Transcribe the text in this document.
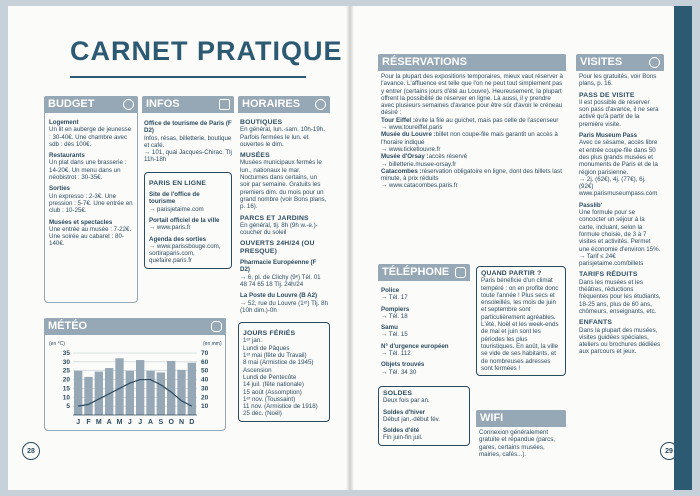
CARNET PRATIQUE
BUDGET
Logement
Un lit en auberge de jeunesse : 30-40€. Une chambre avec sdb : dès 100€.
Restaurants
Un plat dans une brasserie : 14-20€. Un menu dans un néobistrot : 30-35€.
Sorties
Un expresso : 2-3€. Une pression : 5-7€. Une entrée en club : 10-25€.
Musées et spectacles
Une entrée au musée : 7-22€. Une soirée au cabaret : 80-140€.
MÉTÉO
(en °C)	(en mm)
5
10
15
20
25
30
35
10
20
30
40
50
60
70
J F M A M J J A S O N D
INFOS
Office de tourisme de Paris (F D2)
Infos, résas, billetterie, boutique et café.
→ 101, quai Jacques-Chirac. Tlj 11h-18h
PARIS EN LIGNE
Site de l'office de tourisme
→ parisjetaime.com
Portail officiel de la ville
→ www.paris.fr
Agenda des sorties
→ www.parissbouge.com, sortiraparis.com, quefaire.paris.fr
HORAIRES
BOUTIQUES
En général, lun.-sam. 10h-19h. Parfois fermées le lun. et ouvertes le dim.
MUSÉES
Musées municipaux fermés le lun., nationaux le mar. Nocturnes dans certains, un soir par semaine. Gratuits les premiers dim. du mois pour un grand nombre (voir Bons plans, p. 16).
PARCS ET JARDINS
En général, tlj. 8h (9h w.-e.)-coucher du soleil
OUVERTS 24H/24 (OU PRESQUE)
Pharmacie Européenne (F D2)
→ 6, pl. de Clichy (9ᵉ) Tél. 01 48 74 65 18 Tlj. 24h/24
La Poste du Louvre (B A2)
→ 52, rue du Louvre (1ᵉʳ) Tlj. 8h (10h dim.)-0h
JOURS FÉRIÉS
1ᵉʳ jan.
Lundi de Pâques
1ᵉʳ mai (fête du Travail)
8 mai (Armistice de 1945)
Ascension
Lundi de Pentecôte
14 juil. (fête nationale)
15 août (Assomption)
1ᵉʳ nov. (Toussaint)
11 nov. (Armistice de 1918)
25 déc. (Noël)
28
RÉSERVATIONS
Pour la plupart des expositions temporaires, mieux vaut réserver à l'avance. L'affluence est telle que l'on ne peut tout simplement pas y entrer (certains jours d'été au Louvre). Heureusement, la plupart offrent la possibilité de réserver en ligne. Là aussi, il y prendre avec plusieurs semaines d'avance pour être sûr d'avoir le créneau désiré :
Tour Eiffel :évite la file au guichet, mais pas celle de l'ascenseur
→ www.toureiffel.paris
Musée du Louvre :billet non coupe-file mais garantit un accès à l'horaire indiqué
→ www.ticketlouvre.fr
Musée d'Orsay :accès réservé
→ billetterie.musee-orsay.fr
Catacombes :réservation obligatoire en ligne, dont des billets last minute, à prix réduits
→ www.catacombes.paris.fr
TÉLÉPHONE
Police
→ Tél. 17
Pompiers
→ Tél. 18
Samu
→ Tél. 15
N° d'urgence européen
→ Tél. 112
Objets trouvés
→ Tél. 34 30
QUAND PARTIR ?
Paris bénéficie d'un climat tempéré : on en profite donc toute l'année ! Plus secs et ensoleillés, les mois de juin et septembre sont particulièrement agréables. L'été, Noël et les week-ends de mai et juin sont les périodes les plus touristiques. En août, la ville se vide de ses habitants, et de nombreuses adresses sont fermées !
SOLDES
Deux fois par an.
Soldes d'hiver
Début jan.-début fév.
Soldes d'été
Fin juin-fin juil.
WIFI
Connexion généralement gratuite et répandue (parcs, gares, certains musées, mairies, cafés...).
VISITES
Pour les gratuités, voir Bons plans, p. 16.
PASS DE VISITE
Il est possible de réserver son pass d'avance, il ne sera activé qu'à partir de la première visite.
Paris Museum Pass
Avec ce sésame, accès libre et entrée coupe-file dans 50 des plus grands musées et monuments de Paris et de la région parisienne.
→ 2j. (62€), 4j. (77€), 6j. (92€) www.parismuseumpass.com
Passlib'
Une formule pour se concocter un séjour à la carte, incluant, selon la formule choisie, de 3 à 7 visites et activités. Permet une économie d'environ 15%.
→ Tarif ≤ 24€ parisjetaime.com/billets
TARIFS RÉDUITS
Dans les musées et les théâtres, réductions fréquentes pour les étudiants, 18-25 ans, plus de 60 ans, chômeurs, enseignants, etc.
ENFANTS
Dans la plupart des musées, visites guidées spéciales, ateliers ou brochures dédiées aux parcours et jeux.
29
